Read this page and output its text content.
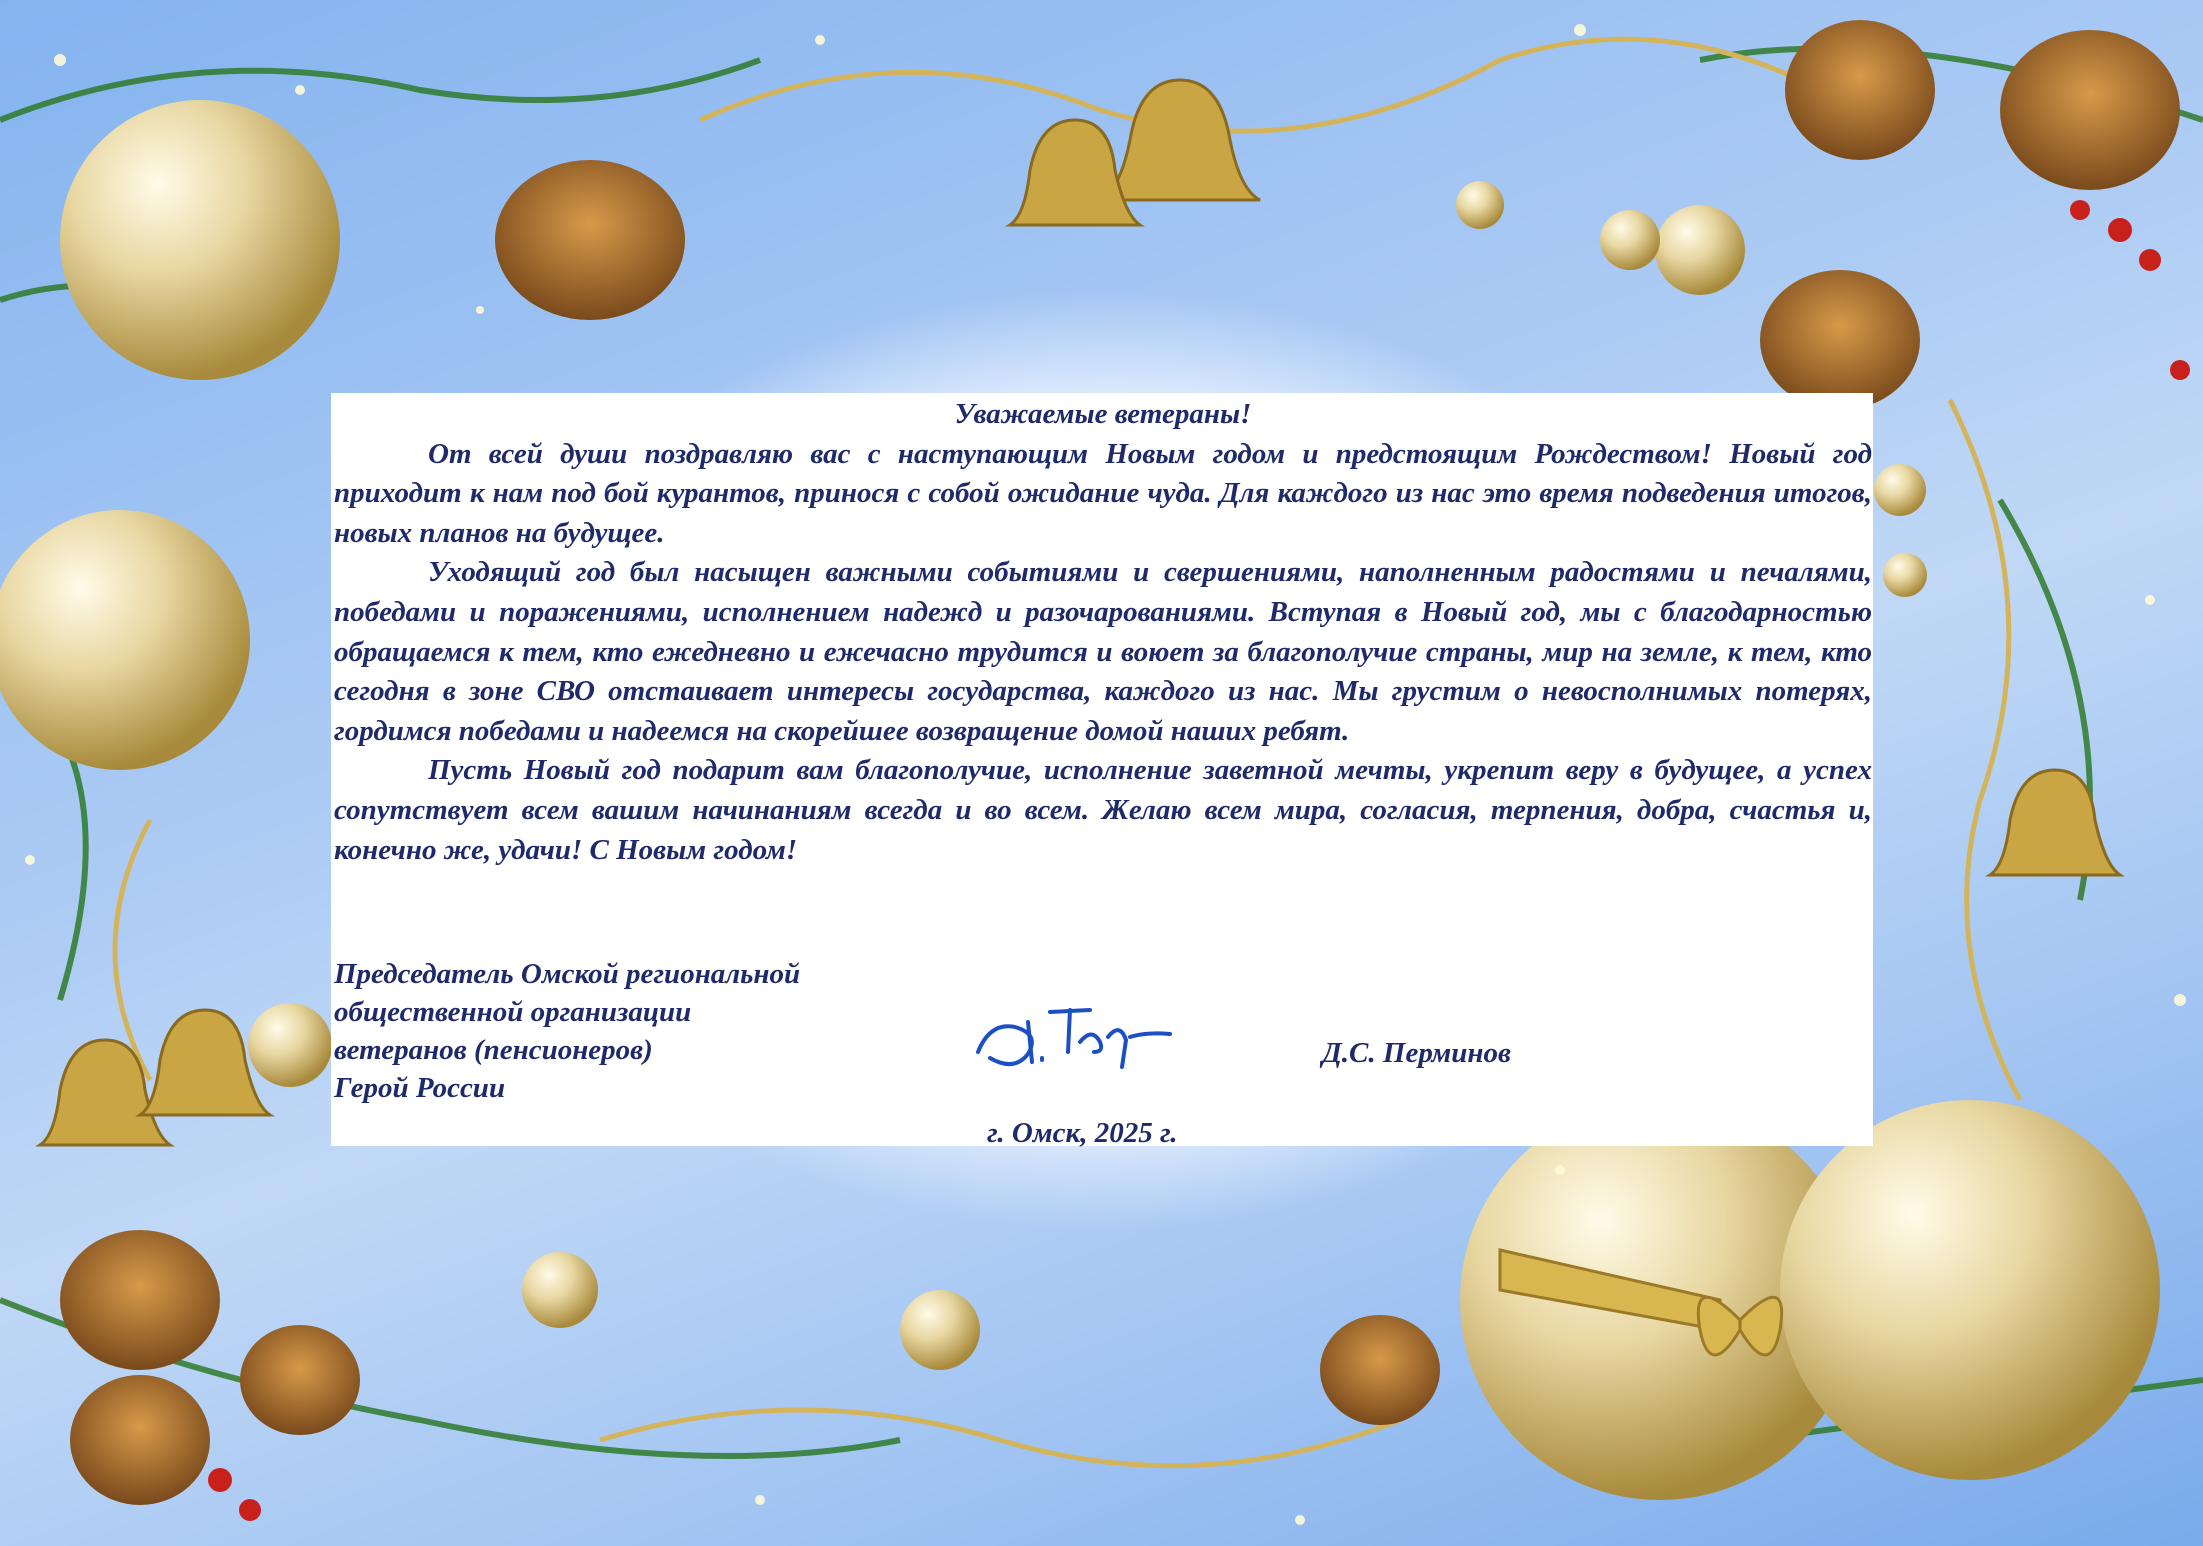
Уважаемые ветераны!

От всей души поздравляю вас с наступающим Новым годом и предстоящим Рождеством! Новый год приходит к нам под бой курантов, принося с собой ожидание чуда. Для каждого из нас это время подведения итогов, новых планов на будущее.

Уходящий год был насыщен важными событиями и свершениями, наполненным радостями и печалями, победами и поражениями, исполнением надежд и разочарованиями. Вступая в Новый год, мы с благодарностью обращаемся к тем, кто ежедневно и ежечасно трудится и воюет за благополучие страны, мир на земле, к тем, кто сегодня в зоне СВО отстаивает интересы государства, каждого из нас. Мы грустим о невосполнимых потерях, гордимся победами и надеемся на скорейшее возвращение домой наших ребят.

Пусть Новый год подарит вам благополучие, исполнение заветной мечты, укрепит веру в будущее, а успех сопутствует всем вашим начинаниям всегда и во всем. Желаю всем мира, согласия, терпения, добра, счастья и, конечно же, удачи! С Новым годом!

Председатель Омской региональной
общественной организации
ветеранов (пенсионеров)
Герой России
Д.С. Перминов
г. Омск, 2025 г.
